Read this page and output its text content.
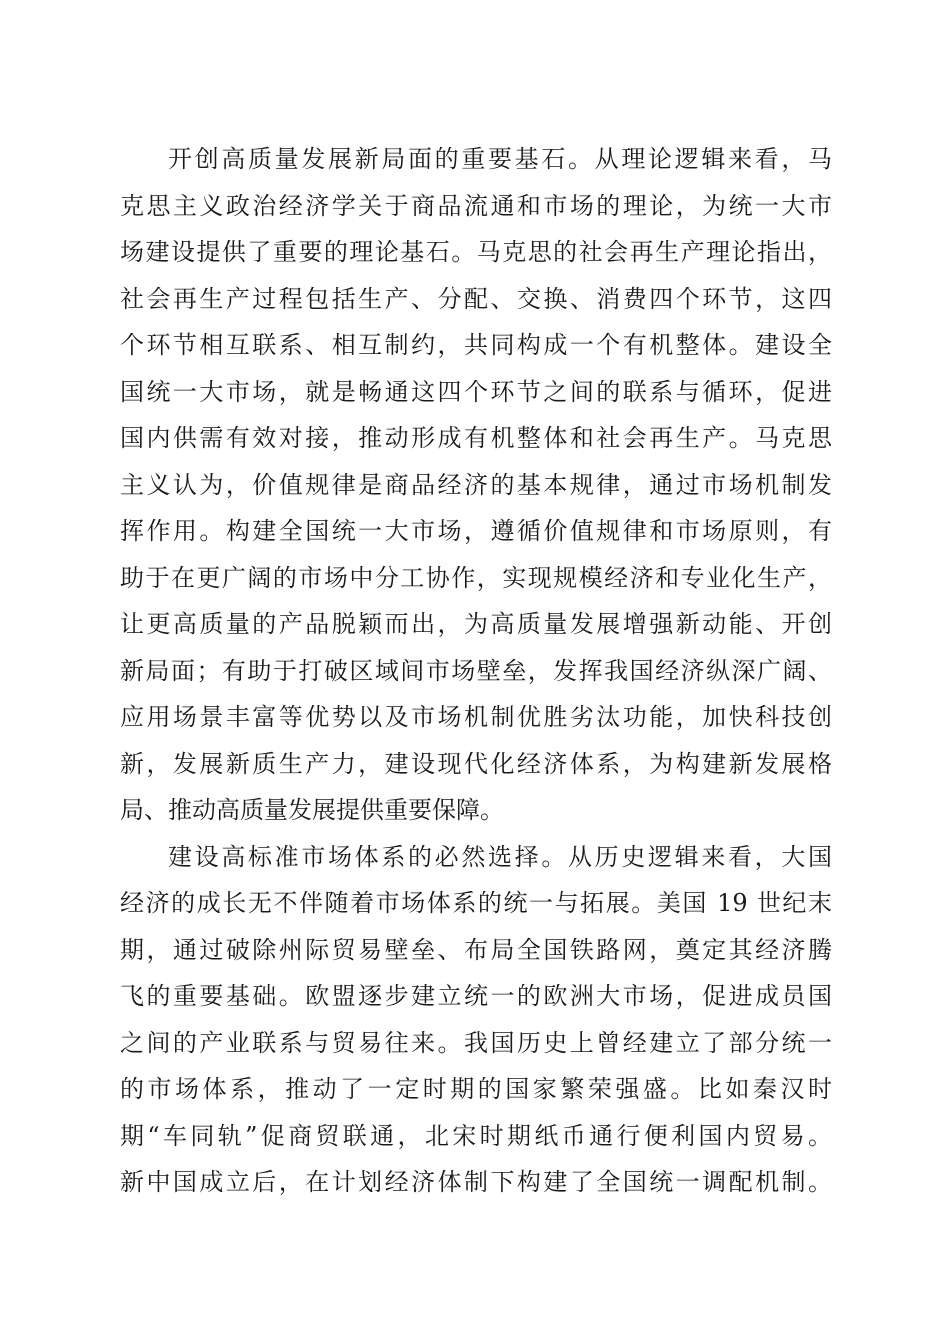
开创高质量发展新局面的重要基石。从理论逻辑来看，马
克思主义政治经济学关于商品流通和市场的理论，为统一大市
场建设提供了重要的理论基石。马克思的社会再生产理论指出，
社会再生产过程包括生产、分配、交换、消费四个环节，这四
个环节相互联系、相互制约，共同构成一个有机整体。建设全
国统一大市场，就是畅通这四个环节之间的联系与循环，促进
国内供需有效对接，推动形成有机整体和社会再生产。马克思
主义认为，价值规律是商品经济的基本规律，通过市场机制发
挥作用。构建全国统一大市场，遵循价值规律和市场原则，有
助于在更广阔的市场中分工协作，实现规模经济和专业化生产，
让更高质量的产品脱颖而出，为高质量发展增强新动能、开创
新局面；有助于打破区域间市场壁垒，发挥我国经济纵深广阔、
应用场景丰富等优势以及市场机制优胜劣汰功能，加快科技创
新，发展新质生产力，建设现代化经济体系，为构建新发展格
局、推动高质量发展提供重要保障。
建设高标准市场体系的必然选择。从历史逻辑来看，大国
经济的成长无不伴随着市场体系的统一与拓展。美国 19 世纪末
期，通过破除州际贸易壁垒、布局全国铁路网，奠定其经济腾
飞的重要基础。欧盟逐步建立统一的欧洲大市场，促进成员国
之间的产业联系与贸易往来。我国历史上曾经建立了部分统一
的市场体系，推动了一定时期的国家繁荣强盛。比如秦汉时
期“车同轨”促商贸联通，北宋时期纸币通行便利国内贸易。
新中国成立后，在计划经济体制下构建了全国统一调配机制。
